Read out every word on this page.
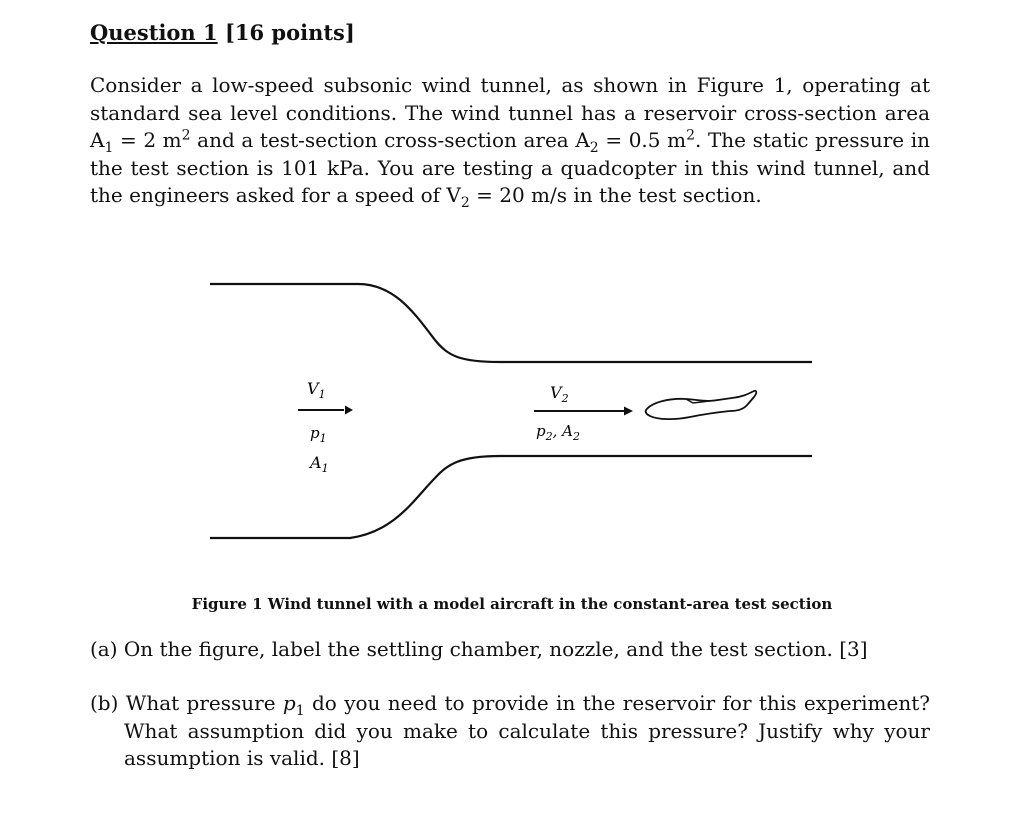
Question 1 [16 points]
Consider a low-speed subsonic wind tunnel, as shown in Figure 1, operating at standard sea level conditions. The wind tunnel has a reservoir cross-section area $A_1 = 2$ $m^2$ and a test-section cross-section area $A_2 = 0.5$ $m^2$. The static pressure in the test section is 101 kPa. You are testing a quadcopter in this wind tunnel, and the engineers asked for a speed of $V_2 = 20$ m/s in the test section.
$V_1$
$p_1$
$A_1$
$V_2$
$p_2$, $A_2$
Figure 1 Wind tunnel with a model aircraft in the constant-area test section
(a) On the figure, label the settling chamber, nozzle, and the test section. [3]
(b) What pressure $p_1$ do you need to provide in the reservoir for this experiment? What assumption did you make to calculate this pressure? Justify why your assumption is valid. [8]
